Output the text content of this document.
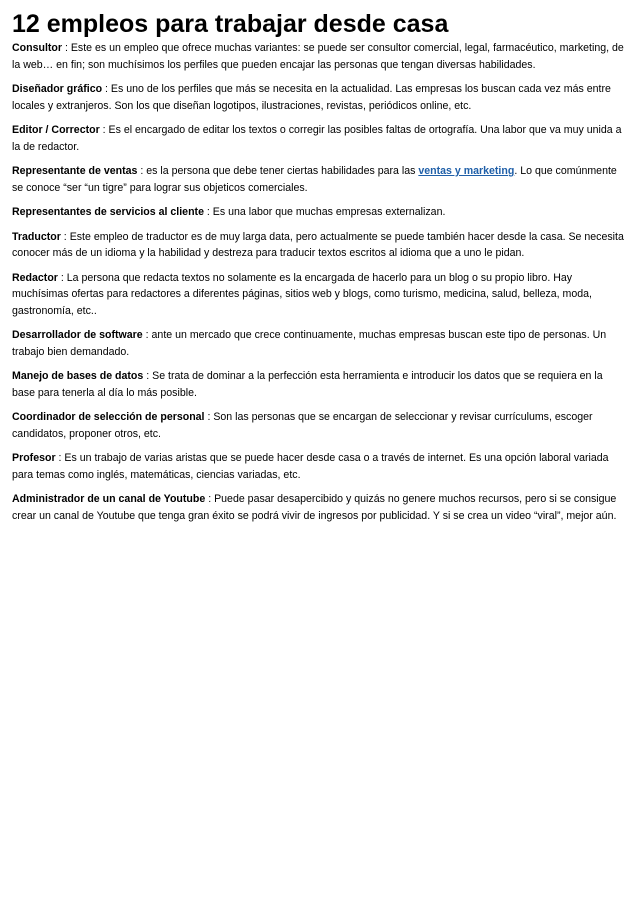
12 empleos para trabajar desde casa

Consultor : Este es un empleo que ofrece muchas variantes: se puede ser consultor comercial, legal, farmacéutico, marketing, de la web… en fin; son muchísimos los perfiles que pueden encajar las personas que tengan diversas habilidades.

Diseñador gráfico : Es uno de los perfiles que más se necesita en la actualidad. Las empresas los buscan cada vez más entre locales y extranjeros. Son los que diseñan logotipos, ilustraciones, revistas, periódicos online, etc.

Editor / Corrector : Es el encargado de editar los textos o corregir las posibles faltas de ortografía. Una labor que va muy unida a la de redactor.

Representante de ventas : es la persona que debe tener ciertas habilidades para las ventas y marketing. Lo que comúnmente se conoce “ser “un tigre” para lograr sus objeticos comerciales.

Representantes de servicios al cliente : Es una labor que muchas empresas externalizan.

Traductor : Este empleo de traductor es de muy larga data, pero actualmente se puede también hacer desde la casa. Se necesita conocer más de un idioma y la habilidad y destreza para traducir textos escritos al idioma que a uno le pidan.

Redactor : La persona que redacta textos no solamente es la encargada de hacerlo para un blog o su propio libro. Hay muchísimas ofertas para redactores a diferentes páginas, sitios web y blogs, como turismo, medicina, salud, belleza, moda, gastronomía, etc..

Desarrollador de software : ante un mercado que crece continuamente, muchas empresas buscan este tipo de personas. Un trabajo bien demandado.

Manejo de bases de datos : Se trata de dominar a la perfección esta herramienta e introducir los datos que se requiera en la base para tenerla al día lo más posible.

Coordinador de selección de personal : Son las personas que se encargan de seleccionar y revisar currículums, escoger candidatos, proponer otros, etc.

Profesor : Es un trabajo de varias aristas que se puede hacer desde casa o a través de internet. Es una opción laboral variada para temas como inglés, matemáticas, ciencias variadas, etc.

Administrador de un canal de Youtube : Puede pasar desapercibido y quizás no genere muchos recursos, pero si se consigue crear un canal de Youtube que tenga gran éxito se podrá vivir de ingresos por publicidad. Y si se crea un video “viral”, mejor aún.
